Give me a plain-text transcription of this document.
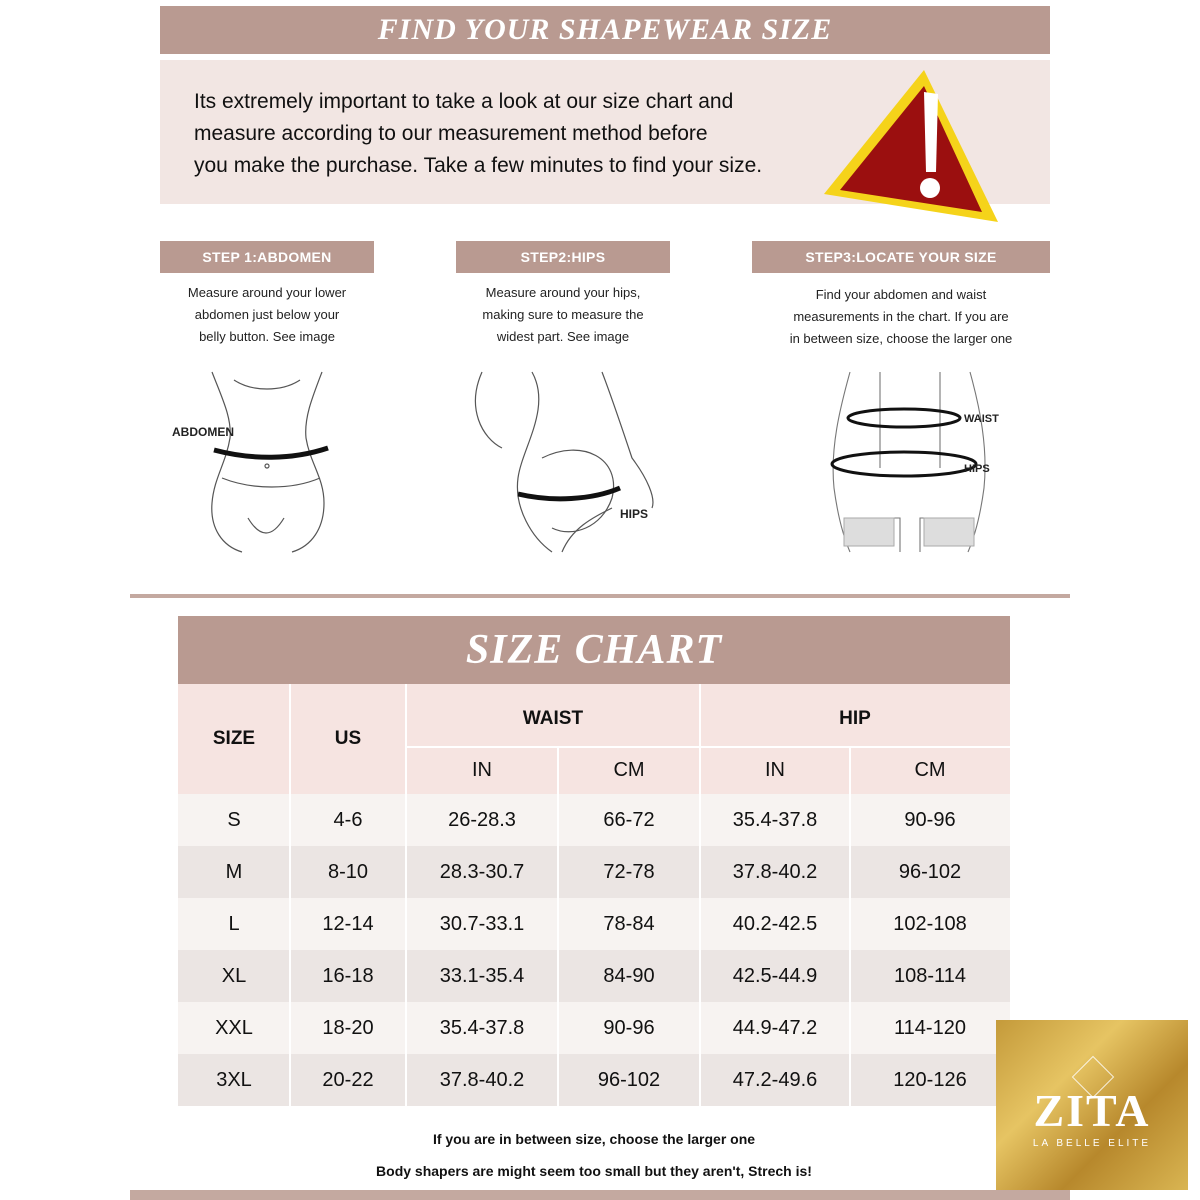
FIND YOUR SHAPEWEAR SIZE

Its extremely important to take a look at our size chart and
measure according to our measurement method before
you make the purchase. Take a few minutes to find your size.

STEP 1:ABDOMEN
Measure around your lower
abdomen just below your
belly button. See image
ABDOMEN
STEP2:HIPS
Measure around your hips,
making sure to measure the
widest part. See image
HIPS
STEP3:LOCATE YOUR SIZE
Find your abdomen and waist
measurements in the chart. If you are
in between size, choose the larger one
WAIST
HIPS
SIZE CHART
SIZE	US
WAIST	HIP
IN	CM	IN	CM
S	4-6	26-28.3	66-72	35.4-37.8	90-96
M	8-10	28.3-30.7	72-78	37.8-40.2	96-102
L	12-14	30.7-33.1	78-84	40.2-42.5	102-108
XL	16-18	33.1-35.4	84-90	42.5-44.9	108-114
XXL	18-20	35.4-37.8	90-96	44.9-47.2	114-120
3XL	20-22	37.8-40.2	96-102	47.2-49.6	120-126
If you are in between size, choose the larger one
Body shapers are might seem too small but they aren't, Strech is!
ZITA
LA BELLE ELITE
